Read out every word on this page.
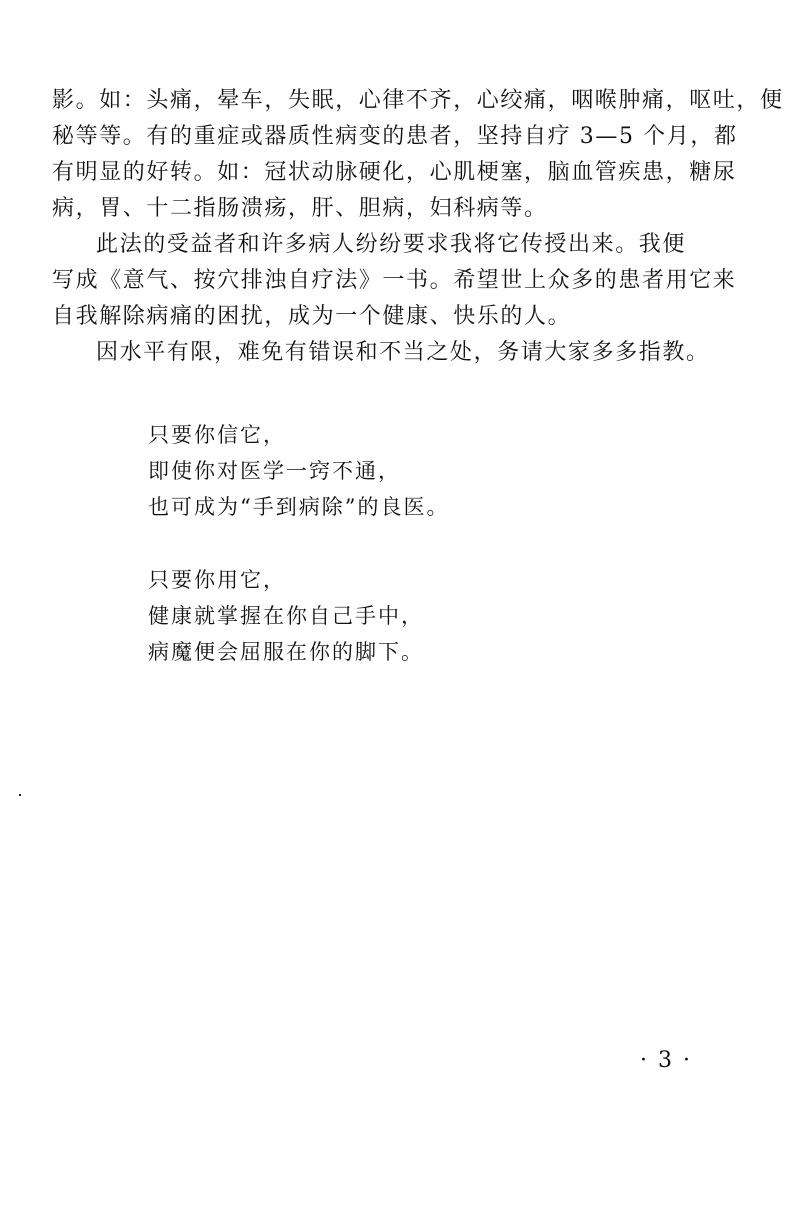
影。如：头痛，晕车，失眠，心律不齐，心绞痛，咽喉肿痛，呕吐，便
秘等等。有的重症或器质性病变的患者，坚持自疗 3—5 个月，都
有明显的好转。如：冠状动脉硬化，心肌梗塞，脑血管疾患，糖尿
病，胃、十二指肠溃疡，肝、胆病，妇科病等。
此法的受益者和许多病人纷纷要求我将它传授出来。我便
写成《意气、按穴排浊自疗法》一书。希望世上众多的患者用它来
自我解除病痛的困扰，成为一个健康、快乐的人。
因水平有限，难免有错误和不当之处，务请大家多多指教。
只要你信它，
即使你对医学一窍不通，
也可成为“手到病除”的良医。
只要你用它，
健康就掌握在你自己手中，
病魔便会屈服在你的脚下。
· 3 ·
